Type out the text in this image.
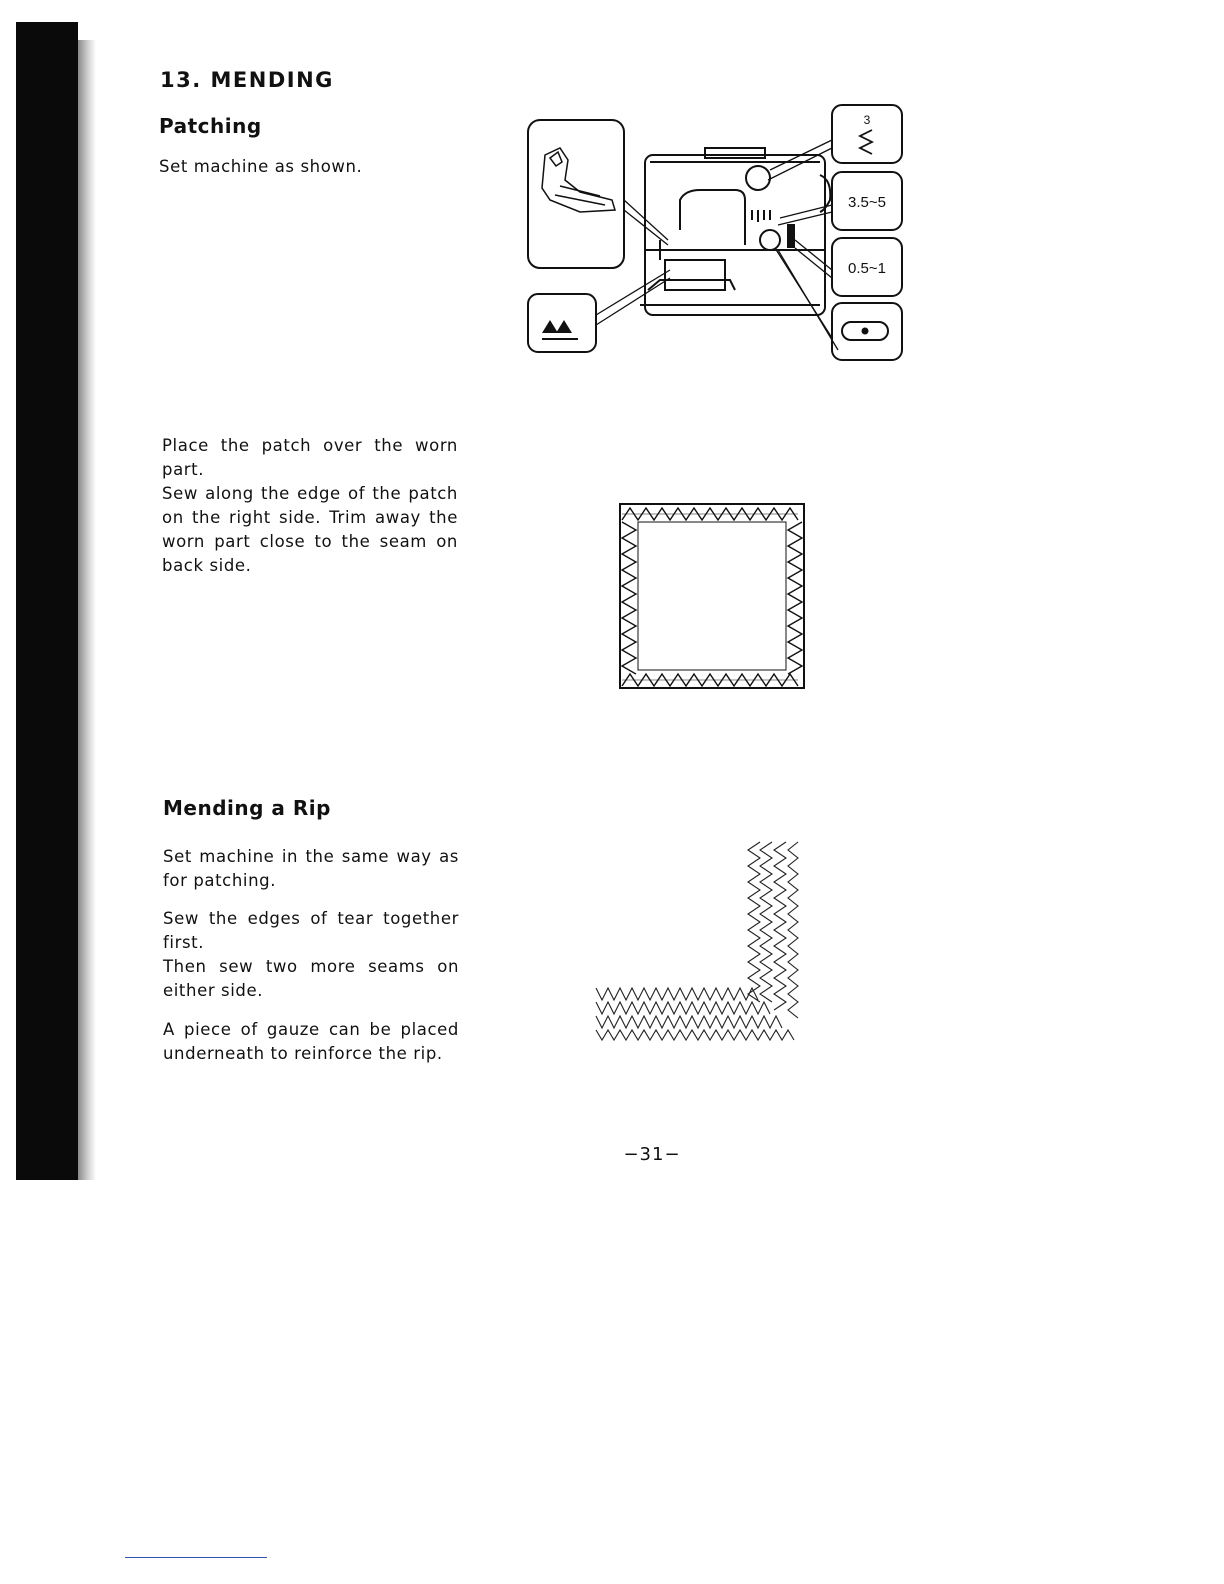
13. MENDING
Patching

Set machine as shown.

3
3.5~5
0.5~1

Place the patch over the worn part.

Sew along the edge of the patch on the right side. Trim away the worn part close to the seam on back side.

Mending a Rip

Set machine in the same way as for patching.

Sew the edges of tear together first.

Then sew two more seams on either side.

A piece of gauze can be placed underneath to reinforce the rip.

−31−
